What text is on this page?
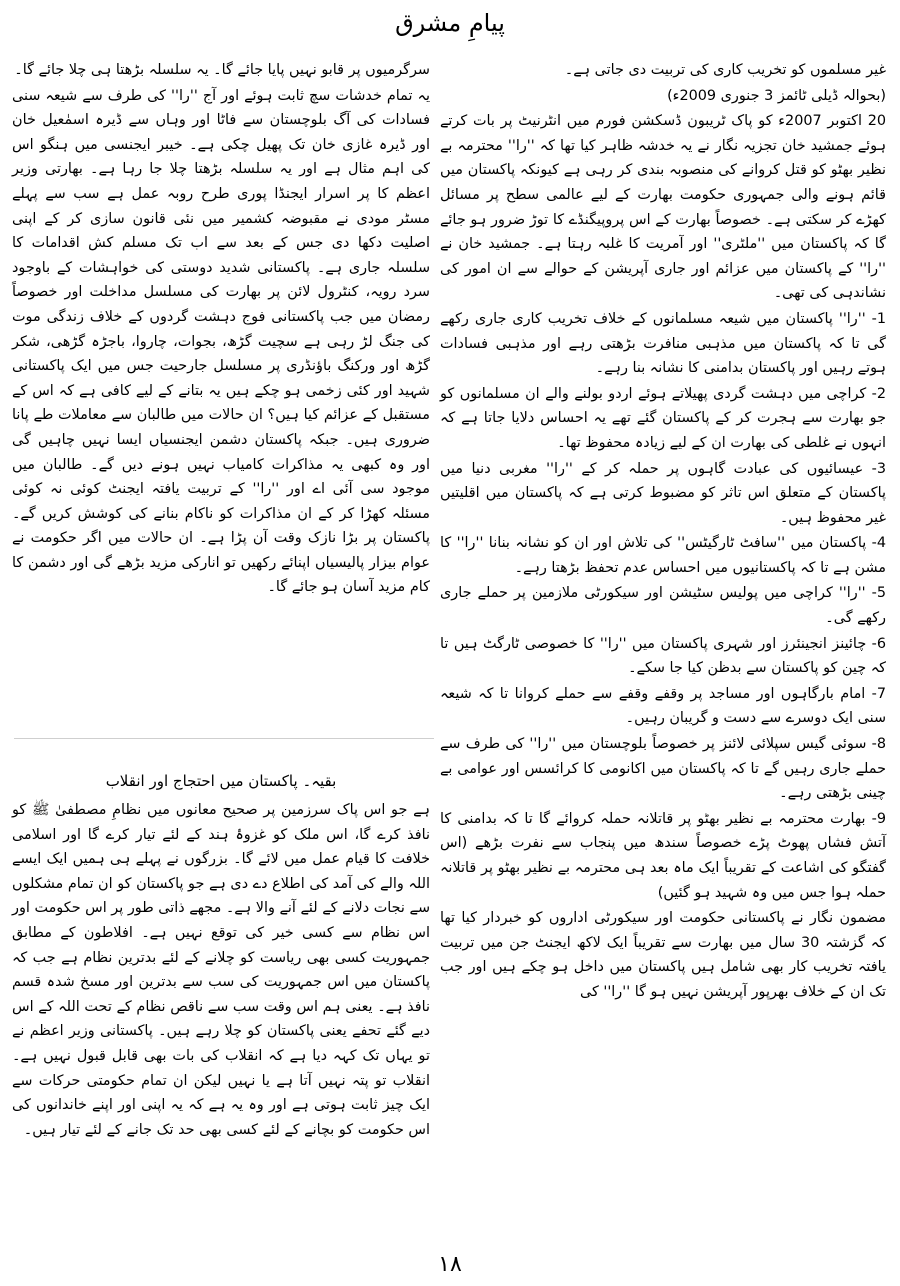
پیامِ مشرق

غیر مسلموں کو تخریب کاری کی تربیت دی جاتی ہے۔

(بحوالہ ڈیلی ٹائمز 3 جنوری 2009ء)

20 اکتوبر 2007ء کو پاک ٹریبون ڈسکشن فورم میں انٹرنیٹ پر بات کرتے ہوئے جمشید خان تجزیہ نگار نے یہ خدشہ ظاہر کیا تھا کہ ''را'' محترمہ بے نظیر بھٹو کو قتل کروانے کی منصوبہ بندی کر رہی ہے کیونکہ پاکستان میں قائم ہونے والی جمہوری حکومت بھارت کے لیے عالمی سطح پر مسائل کھڑے کر سکتی ہے۔ خصوصاً بھارت کے اس پروپیگنڈے کا توڑ ضرور ہو جائے گا کہ پاکستان میں ''ملٹری'' اور آمریت کا غلبہ رہتا ہے۔ جمشید خان نے ''را'' کے پاکستان میں عزائم اور جاری آپریشن کے حوالے سے ان امور کی نشاندہی کی تھی۔

1- ''را'' پاکستان میں شیعہ مسلمانوں کے خلاف تخریب کاری جاری رکھے گی تا کہ پاکستان میں مذہبی منافرت بڑھتی رہے اور مذہبی فسادات ہوتے رہیں اور پاکستان بدامنی کا نشانہ بنا رہے۔

2- کراچی میں دہشت گردی پھیلاتے ہوئے اردو بولنے والے ان مسلمانوں کو جو بھارت سے ہجرت کر کے پاکستان گئے تھے یہ احساس دلایا جاتا ہے کہ انہوں نے غلطی کی بھارت ان کے لیے زیادہ محفوظ تھا۔

3- عیسائیوں کی عبادت گاہوں پر حملہ کر کے ''را'' مغربی دنیا میں پاکستان کے متعلق اس تاثر کو مضبوط کرتی ہے کہ پاکستان میں اقلیتیں غیر محفوظ ہیں۔

4- پاکستان میں ''سافٹ ٹارگیٹس'' کی تلاش اور ان کو نشانہ بنانا ''را'' کا مشن ہے تا کہ پاکستانیوں میں احساس عدم تحفظ بڑھتا رہے۔

5- ''را'' کراچی میں پولیس سٹیشن اور سیکورٹی ملازمین پر حملے جاری رکھے گی۔

6- چائینز انجینئرز اور شہری پاکستان میں ''را'' کا خصوصی ٹارگٹ ہیں تا کہ چین کو پاکستان سے بدظن کیا جا سکے۔

7- امام بارگاہوں اور مساجد پر وقفے وقفے سے حملے کروانا تا کہ شیعہ سنی ایک دوسرے سے دست و گریبان رہیں۔

8- سوئی گیس سپلائی لائنز پر خصوصاً بلوچستان میں ''را'' کی طرف سے حملے جاری رہیں گے تا کہ پاکستان میں اکانومی کا کرائسس اور عوامی بے چینی بڑھتی رہے۔

9- بھارت محترمہ بے نظیر بھٹو پر قاتلانہ حملہ کروائے گا تا کہ بدامنی کا آتش فشاں پھوٹ پڑے خصوصاً سندھ میں پنجاب سے نفرت بڑھے (اس گفتگو کی اشاعت کے تقریباً ایک ماہ بعد ہی محترمہ بے نظیر بھٹو پر قاتلانہ حملہ ہوا جس میں وہ شہید ہو گئیں)

مضمون نگار نے پاکستانی حکومت اور سیکورٹی اداروں کو خبردار کیا تھا کہ گزشتہ 30 سال میں بھارت سے تقریباً ایک لاکھ ایجنٹ جن میں تربیت یافتہ تخریب کار بھی شامل ہیں پاکستان میں داخل ہو چکے ہیں اور جب تک ان کے خلاف بھرپور آپریشن نہیں ہو گا ''را'' کی

سرگرمیوں پر قابو نہیں پایا جائے گا۔ یہ سلسلہ بڑھتا ہی چلا جائے گا۔

یہ تمام خدشات سچ ثابت ہوئے اور آج ''را'' کی طرف سے شیعہ سنی فسادات کی آگ بلوچستان سے فاٹا اور وہاں سے ڈیرہ اسمٰعیل خان اور ڈیرہ غازی خان تک پھیل چکی ہے۔ خیبر ایجنسی میں ہنگو اس کی اہم مثال ہے اور یہ سلسلہ بڑھتا چلا جا رہا ہے۔ بھارتی وزیر اعظم کا پر اسرار ایجنڈا پوری طرح روبہ عمل ہے سب سے پہلے مسٹر مودی نے مقبوضہ کشمیر میں نئی قانون سازی کر کے اپنی اصلیت دکھا دی جس کے بعد سے اب تک مسلم کش اقدامات کا سلسلہ جاری ہے۔ پاکستانی شدید دوستی کی خواہشات کے باوجود سرد رویہ، کنٹرول لائن پر بھارت کی مسلسل مداخلت اور خصوصاً رمضان میں جب پاکستانی فوج دہشت گردوں کے خلاف زندگی موت کی جنگ لڑ رہی ہے سچیت گڑھ، بجوات، چاروا، باجڑہ گڑھی، شکر گڑھ اور ورکنگ باؤنڈری پر مسلسل جارحیت جس میں ایک پاکستانی شہید اور کئی زخمی ہو چکے ہیں یہ بتانے کے لیے کافی ہے کہ اس کے مستقبل کے عزائم کیا ہیں؟ ان حالات میں طالبان سے معاملات طے پانا ضروری ہیں۔ جبکہ پاکستان دشمن ایجنسیاں ایسا نہیں چاہیں گی اور وہ کبھی یہ مذاکرات کامیاب نہیں ہونے دیں گے۔ طالبان میں موجود سی آئی اے اور ''را'' کے تربیت یافتہ ایجنٹ کوئی نہ کوئی مسئلہ کھڑا کر کے ان مذاکرات کو ناکام بنانے کی کوشش کریں گے۔ پاکستان پر بڑا نازک وقت آن پڑا ہے۔ ان حالات میں اگر حکومت نے عوام بیزار پالیسیاں اپنائے رکھیں تو انارکی مزید بڑھے گی اور دشمن کا کام مزید آسان ہو جائے گا۔

بقیہ۔ پاکستان میں احتجاج اور انقلاب

ہے جو اس پاک سرزمین پر صحیح معانوں میں نظامِ مصطفیٰ ﷺ کو نافذ کرے گا، اس ملک کو غزوۂ ہند کے لئے تیار کرے گا اور اسلامی خلافت کا قیام عمل میں لائے گا۔ بزرگوں نے پہلے ہی ہمیں ایک ایسے اللہ والے کی آمد کی اطلاع دے دی ہے جو پاکستان کو ان تمام مشکلوں سے نجات دلانے کے لئے آنے والا ہے۔ مجھے ذاتی طور پر اس حکومت اور اس نظام سے کسی خیر کی توقع نہیں ہے۔ افلاطون کے مطابق جمہوریت کسی بھی ریاست کو چلانے کے لئے بدترین نظام ہے جب کہ پاکستان میں اس جمہوریت کی سب سے بدترین اور مسخ شدہ قسم نافذ ہے۔ یعنی ہم اس وقت سب سے ناقص نظام کے تحت اللہ کے اس دیے گئے تحفے یعنی پاکستان کو چلا رہے ہیں۔ پاکستانی وزیر اعظم نے تو یہاں تک کہہ دیا ہے کہ انقلاب کی بات بھی قابل قبول نہیں ہے۔ انقلاب تو پتہ نہیں آتا ہے یا نہیں لیکن ان تمام حکومتی حرکات سے ایک چیز ثابت ہوتی ہے اور وہ یہ ہے کہ یہ اپنی اور اپنے خاندانوں کی اس حکومت کو بچانے کے لئے کسی بھی حد تک جانے کے لئے تیار ہیں۔

۱۸
